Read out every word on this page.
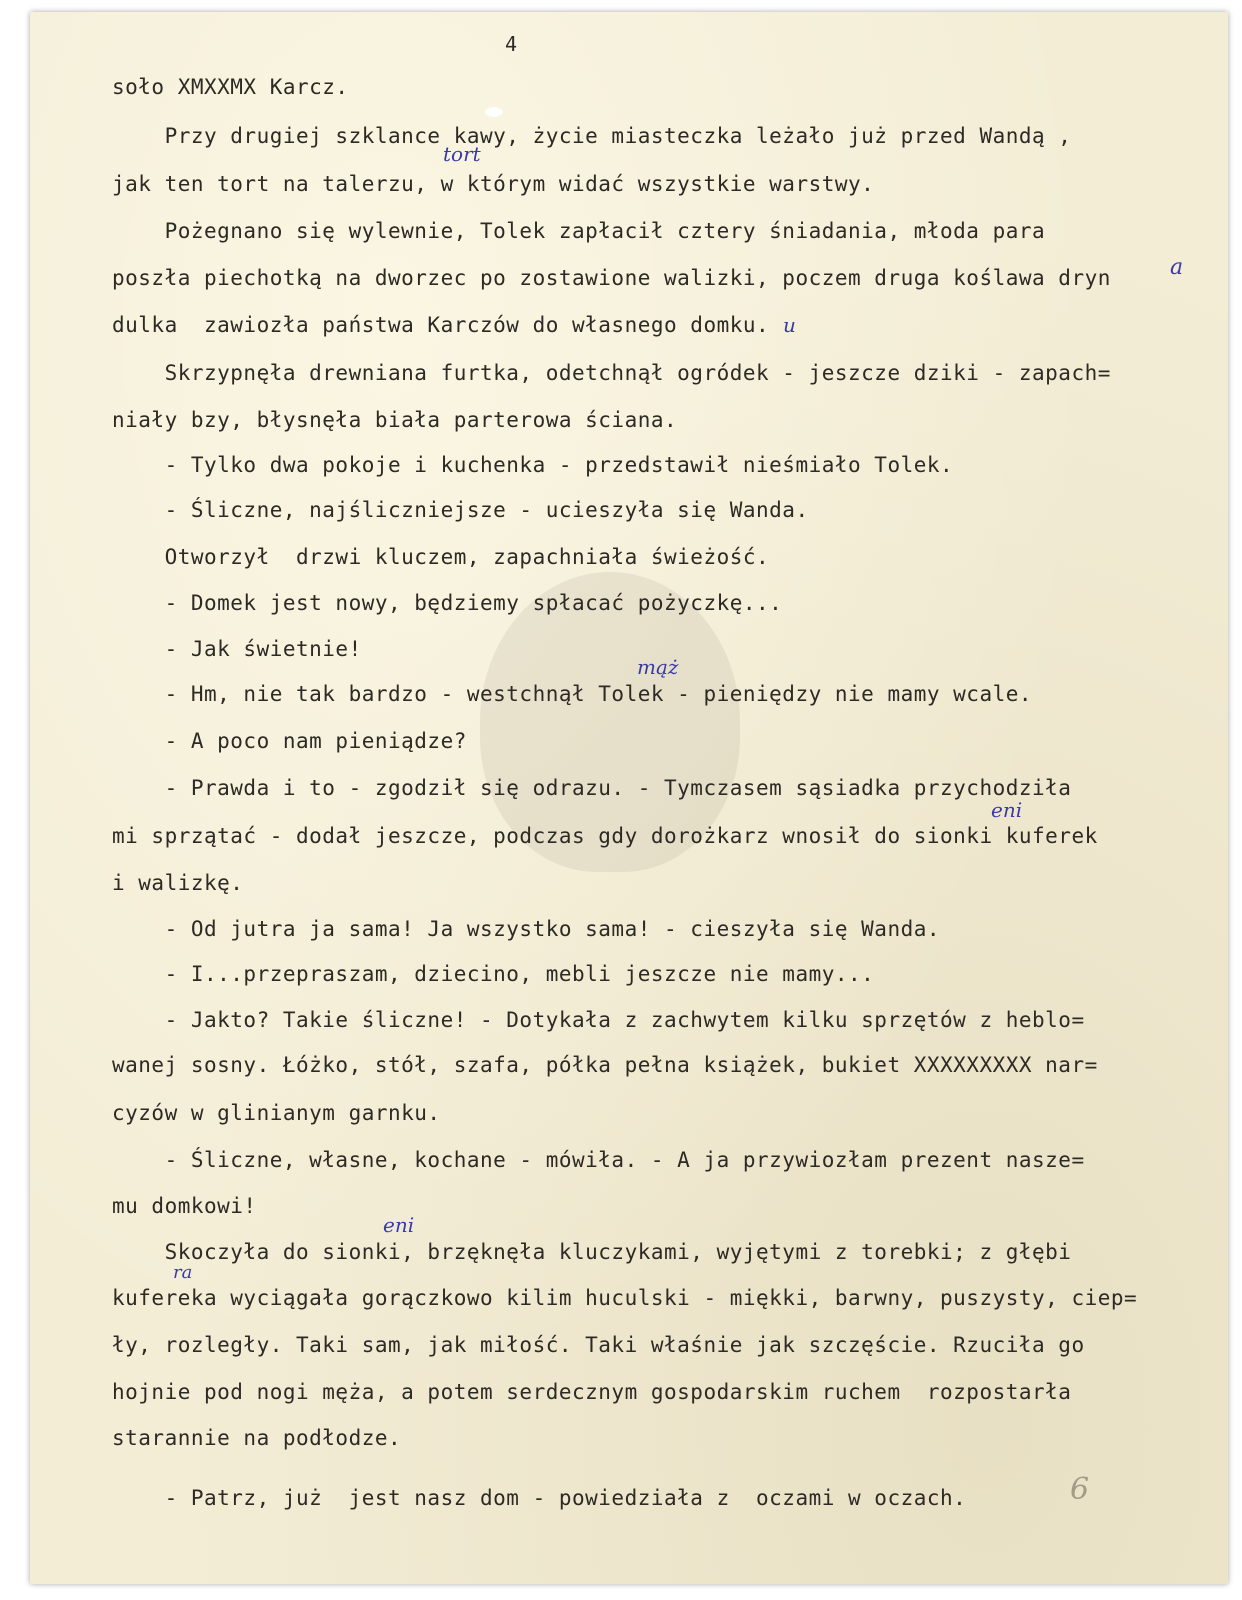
4
soło XMXXMX Karcz.
Przy drugiej szklance kawy, życie miasteczka leżało już przed Wandą ,
jak ten tort na talerzu, w którym widać wszystkie warstwy.
Pożegnano się wylewnie, Tolek zapłacił cztery śniadania, młoda para
poszła piechotką na dworzec po zostawione walizki, poczem druga koślawa dryn
dulka  zawiozła państwa Karczów do własnego domku.
Skrzypnęła drewniana furtka, odetchnął ogródek - jeszcze dziki - zapach=
niały bzy, błysnęła biała parterowa ściana.
- Tylko dwa pokoje i kuchenka - przedstawił nieśmiało Tolek.
- Śliczne, najśliczniejsze - ucieszyła się Wanda.
Otworzył  drzwi kluczem, zapachniała świeżość.
- Domek jest nowy, będziemy spłacać pożyczkę...
- Jak świetnie!
- Hm, nie tak bardzo - westchnął Tolek - pieniędzy nie mamy wcale.
- A poco nam pieniądze?
- Prawda i to - zgodził się odrazu. - Tymczasem sąsiadka przychodziła
mi sprzątać - dodał jeszcze, podczas gdy dorożkarz wnosił do sionki kuferek
i walizkę.
- Od jutra ja sama! Ja wszystko sama! - cieszyła się Wanda.
- I...przepraszam, dziecino, mebli jeszcze nie mamy...
- Jakto? Takie śliczne! - Dotykała z zachwytem kilku sprzętów z heblo=
wanej sosny. Łóżko, stół, szafa, półka pełna książek, bukiet XXXXXXXXX nar=
cyzów w glinianym garnku.
- Śliczne, własne, kochane - mówiła. - A ja przywiozłam prezent nasze=
mu domkowi!
Skoczyła do sionki, brzęknęła kluczykami, wyjętymi z torebki; z głębi
kufereka wyciągała gorączkowo kilim huculski - miękki, barwny, puszysty, ciep=
ły, rozległy. Taki sam, jak miłość. Taki właśnie jak szczęście. Rzuciła go
hojnie pod nogi męża, a potem serdecznym gospodarskim ruchem  rozpostarła
starannie na podłodze.
- Patrz, już  jest nasz dom - powiedziała z  oczami w oczach.
tort
a
u
mąż
eni
eni
ra
6
